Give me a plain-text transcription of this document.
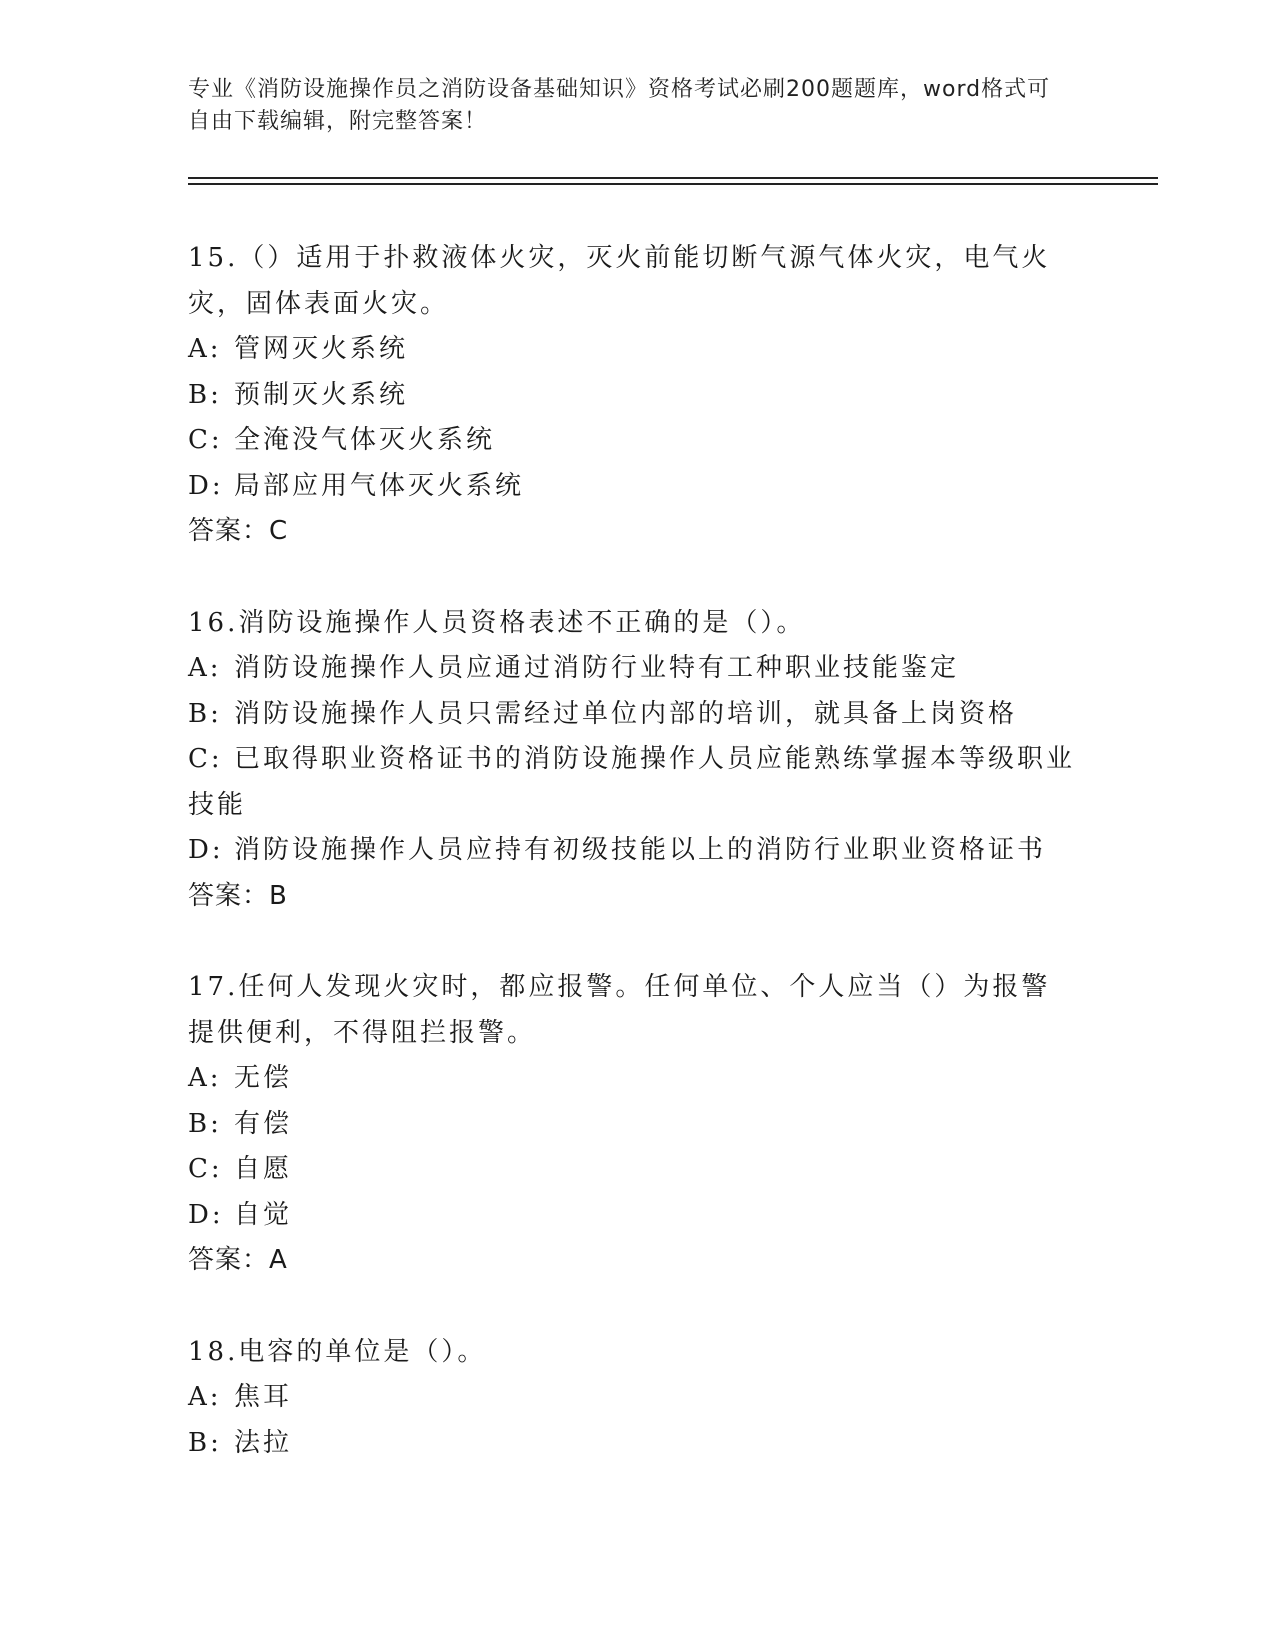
专业《消防设施操作员之消防设备基础知识》资格考试必刷200题题库，word格式可自由下载编辑，附完整答案！

15.（）适用于扑救液体火灾，灭火前能切断气源气体火灾，电气火灾，固体表面火灾。

A: 管网灭火系统

B: 预制灭火系统

C: 全淹没气体灭火系统

D: 局部应用气体灭火系统

答案：C

16.消防设施操作人员资格表述不正确的是（）。

A: 消防设施操作人员应通过消防行业特有工种职业技能鉴定

B: 消防设施操作人员只需经过单位内部的培训，就具备上岗资格

C: 已取得职业资格证书的消防设施操作人员应能熟练掌握本等级职业技能

D: 消防设施操作人员应持有初级技能以上的消防行业职业资格证书

答案：B

17.任何人发现火灾时，都应报警。任何单位、个人应当（）为报警提供便利，不得阻拦报警。

A: 无偿

B: 有偿

C: 自愿

D: 自觉

答案：A

18.电容的单位是（）。

A: 焦耳

B: 法拉
